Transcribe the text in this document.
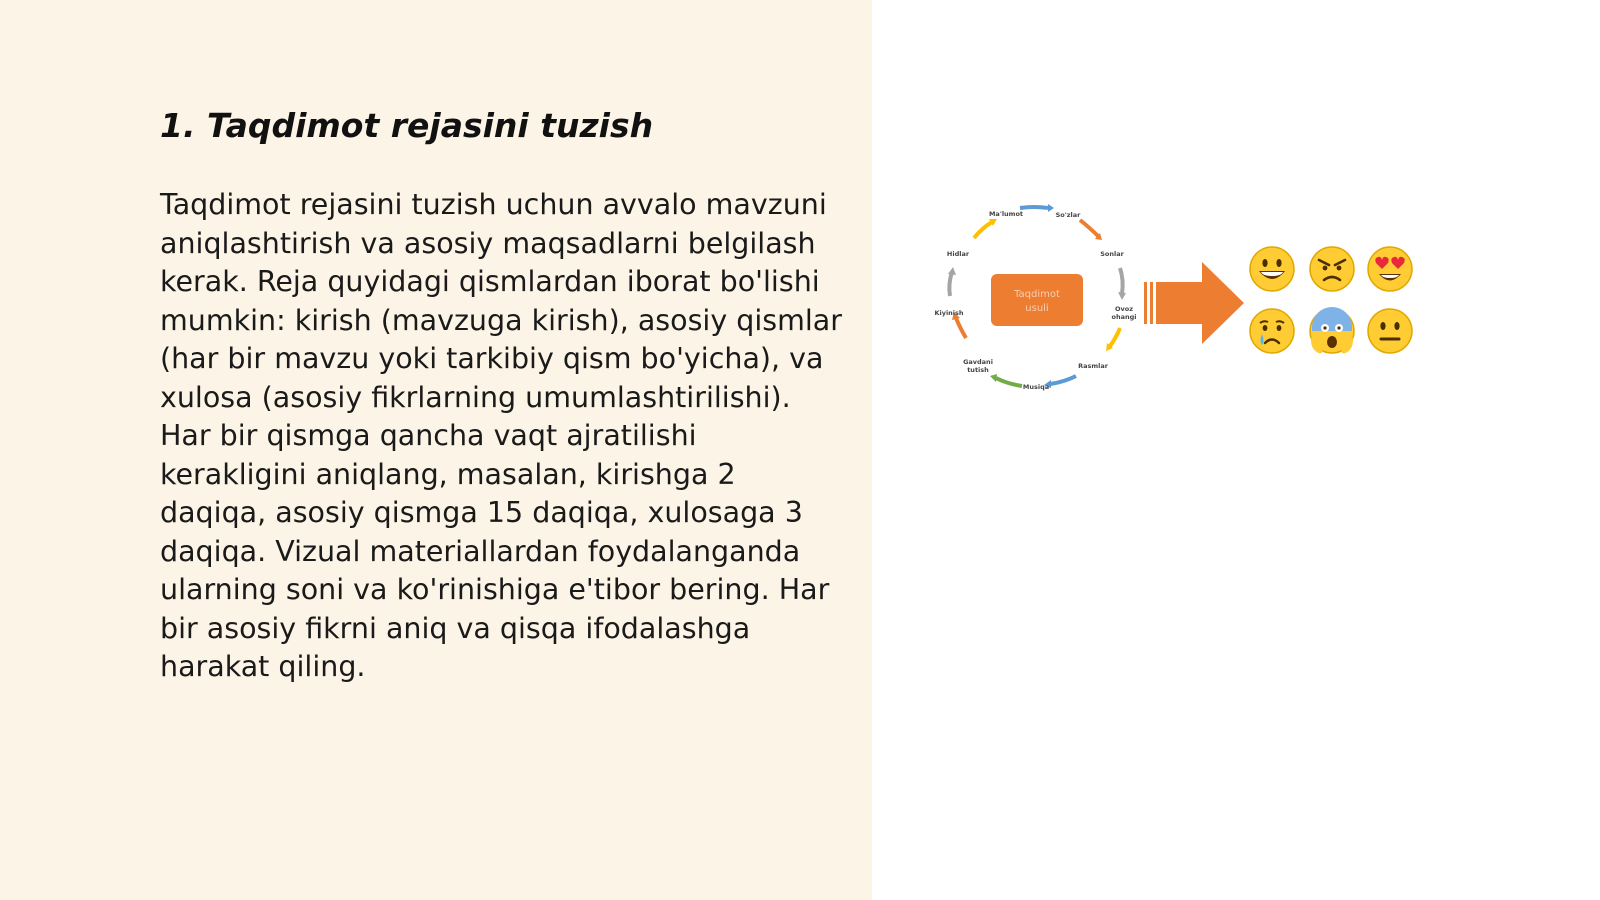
1. Taqdimot rejasini tuzish

Taqdimot rejasini tuzish uchun avvalo mavzuni aniqlashtirish va asosiy maqsadlarni belgilash kerak. Reja quyidagi qismlardan iborat bo'lishi mumkin: kirish (mavzuga kirish), asosiy qismlar (har bir mavzu yoki tarkibiy qism bo'yicha), va xulosa (asosiy fikrlarning umumlashtirilishi). Har bir qismga qancha vaqt ajratilishi kerakligini aniqlang, masalan, kirishga 2 daqiqa, asosiy qismga 15 daqiqa, xulosaga 3 daqiqa. Vizual materiallardan foydalanganda ularning soni va ko'rinishiga e'tibor bering. Har bir asosiy fikrni aniq va qisqa ifodalashga harakat qiling.

Taqdimot
usuli
Ma'lumot	So'zlar
Sonlar
Ovoz
ohangi
Rasmlar
Musiqa
Gavdani
tutish
Kiyinish
Hidlar
